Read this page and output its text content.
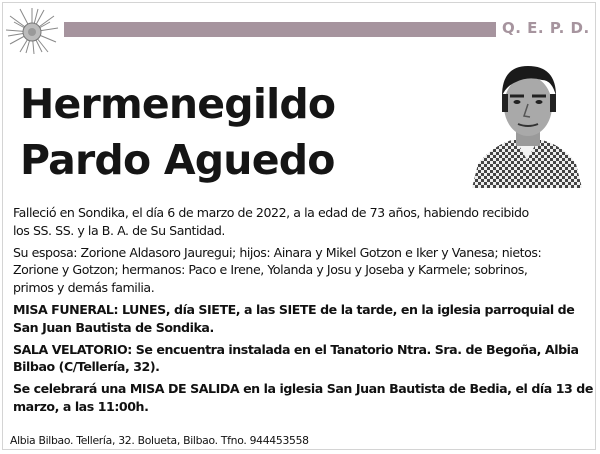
Q. E. P. D.
Hermenegildo
Pardo Aguedo

Falleció en Sondika, el día 6 de marzo de 2022, a la edad de 73 años, habiendo recibido
los SS. SS. y la B. A. de Su Santidad.

Su esposa: Zorione Aldasoro Jauregui; hijos: Ainara y Mikel Gotzon e Iker y Vanesa; nietos:
Zorione y Gotzon; hermanos: Paco e Irene, Yolanda y Josu y Joseba y Karmele; sobrinos,
primos y demás familia.

MISA FUNERAL: LUNES, día SIETE, a las SIETE de la tarde, en la iglesia parroquial de
San Juan Bautista de Sondika.

SALA VELATORIO: Se encuentra instalada en el Tanatorio Ntra. Sra. de Begoña, Albia
Bilbao (C/Tellería, 32).

Se celebrará una MISA DE SALIDA en la iglesia San Juan Bautista de Bedia, el día 13 de
marzo, a las 11:00h.

Albia Bilbao. Tellería, 32. Bolueta, Bilbao. Tfno. 944453558
